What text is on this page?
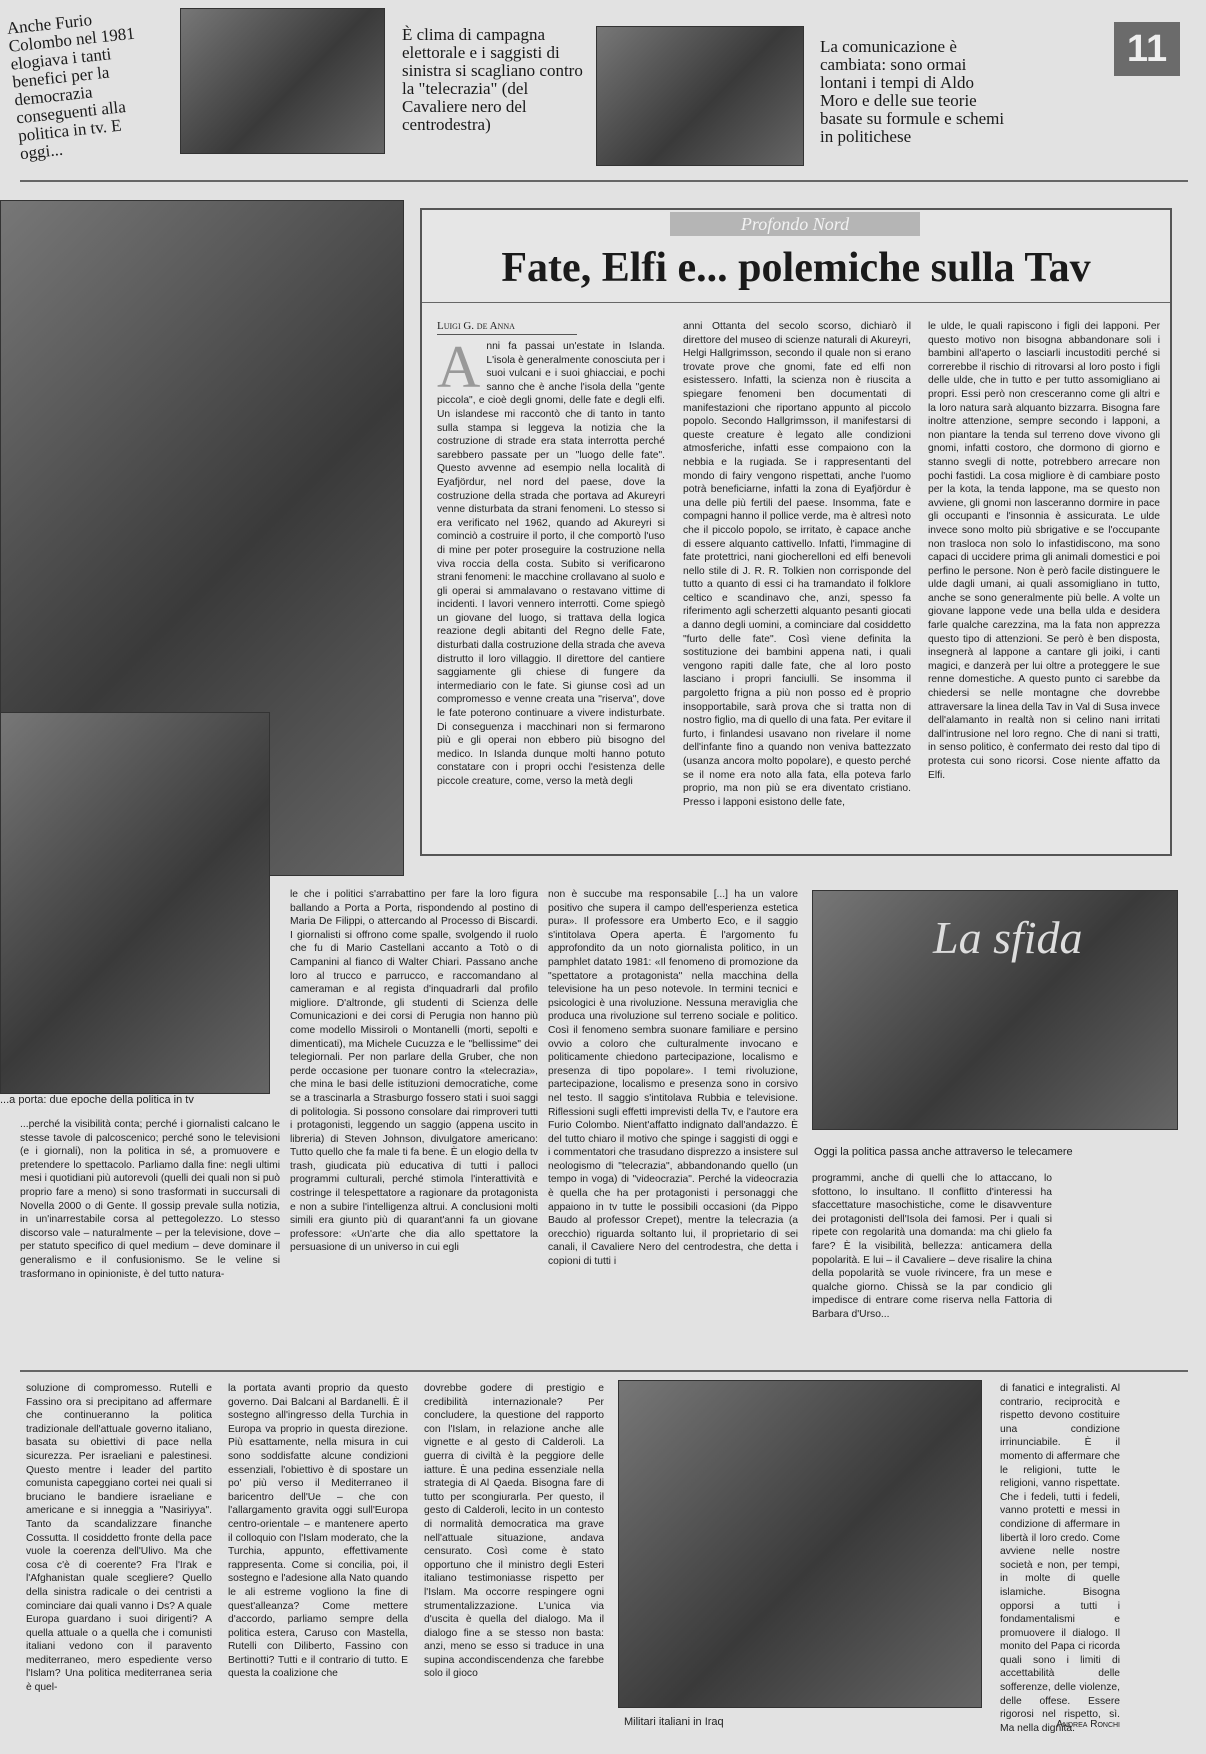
Anche Furio Colombo nel 1981 elogiava i tanti benefici per la democrazia conseguenti alla politica in tv. E oggi...
È clima di campagna elettorale e i saggisti di sinistra si scagliano contro la "telecrazia" (del Cavaliere nero del centrodestra)
La comunicazione è cambiata: sono ormai lontani i tempi di Aldo Moro e delle sue teorie basate su formule e schemi in politichese
11
...a porta: due epoche della politica in tv
Profondo Nord
Fate, Elfi e... polemiche sulla Tav
Luigi G. de Anna
A nni fa passai un'estate in Islanda. L'isola è generalmente conosciuta per i suoi vulcani e i suoi ghiacciai, e pochi sanno che è anche l'isola della "gente piccola", e cioè degli gnomi, delle fate e degli elfi. Un islandese mi raccontò che di tanto in tanto sulla stampa si leggeva la notizia che la costruzione di strade era stata interrotta perché sarebbero passate per un "luogo delle fate". Questo avvenne ad esempio nella località di Eyafjördur, nel nord del paese, dove la costruzione della strada che portava ad Akureyri venne disturbata da strani fenomeni. Lo stesso si era verificato nel 1962, quando ad Akureyri si cominciò a costruire il porto, il che comportò l'uso di mine per poter proseguire la costruzione nella viva roccia della costa. Subito si verificarono strani fenomeni: le macchine crollavano al suolo e gli operai si ammalavano o restavano vittime di incidenti. I lavori vennero interrotti. Come spiegò un giovane del luogo, si trattava della logica reazione degli abitanti del Regno delle Fate, disturbati dalla costruzione della strada che aveva distrutto il loro villaggio. Il direttore del cantiere saggiamente gli chiese di fungere da intermediario con le fate. Si giunse così ad un compromesso e venne creata una "riserva", dove le fate poterono continuare a vivere indisturbate. Di conseguenza i macchinari non si fermarono più e gli operai non ebbero più bisogno del medico. In Islanda dunque molti hanno potuto constatare con i propri occhi l'esistenza delle piccole creature, come, verso la metà degli
anni Ottanta del secolo scorso, dichiarò il direttore del museo di scienze naturali di Akureyri, Helgi Hallgrimsson, secondo il quale non si erano trovate prove che gnomi, fate ed elfi non esistessero. Infatti, la scienza non è riuscita a spiegare fenomeni ben documentati di manifestazioni che riportano appunto al piccolo popolo. Secondo Hallgrimsson, il manifestarsi di queste creature è legato alle condizioni atmosferiche, infatti esse compaiono con la nebbia e la rugiada. Se i rappresentanti del mondo di fairy vengono rispettati, anche l'uomo potrà beneficiarne, infatti la zona di Eyafjördur è una delle più fertili del paese. Insomma, fate e compagni hanno il pollice verde, ma è altresì noto che il piccolo popolo, se irritato, è capace anche di essere alquanto cattivello. Infatti, l'immagine di fate protettrici, nani giocherelloni ed elfi benevoli nello stile di J. R. R. Tolkien non corrisponde del tutto a quanto di essi ci ha tramandato il folklore celtico e scandinavo che, anzi, spesso fa riferimento agli scherzetti alquanto pesanti giocati a danno degli uomini, a cominciare dal cosiddetto "furto delle fate". Così viene definita la sostituzione dei bambini appena nati, i quali vengono rapiti dalle fate, che al loro posto lasciano i propri fanciulli. Se insomma il pargoletto frigna a più non posso ed è proprio insopportabile, sarà prova che si tratta non di nostro figlio, ma di quello di una fata. Per evitare il furto, i finlandesi usavano non rivelare il nome dell'infante fino a quando non veniva battezzato (usanza ancora molto popolare), e questo perché se il nome era noto alla fata, ella poteva farlo proprio, ma non più se era diventato cristiano. Presso i lapponi esistono delle fate,
le ulde, le quali rapiscono i figli dei lapponi. Per questo motivo non bisogna abbandonare soli i bambini all'aperto o lasciarli incustoditi perché si correrebbe il rischio di ritrovarsi al loro posto i figli delle ulde, che in tutto e per tutto assomigliano ai propri. Essi però non cresceranno come gli altri e la loro natura sarà alquanto bizzarra. Bisogna fare inoltre attenzione, sempre secondo i lapponi, a non piantare la tenda sul terreno dove vivono gli gnomi, infatti costoro, che dormono di giorno e stanno svegli di notte, potrebbero arrecare non pochi fastidi. La cosa migliore è di cambiare posto per la kota, la tenda lappone, ma se questo non avviene, gli gnomi non lasceranno dormire in pace gli occupanti e l'insonnia è assicurata. Le ulde invece sono molto più sbrigative e se l'occupante non trasloca non solo lo infastidiscono, ma sono capaci di uccidere prima gli animali domestici e poi perfino le persone. Non è però facile distinguere le ulde dagli umani, ai quali assomigliano in tutto, anche se sono generalmente più belle. A volte un giovane lappone vede una bella ulda e desidera farle qualche carezzina, ma la fata non apprezza questo tipo di attenzioni. Se però è ben disposta, insegnerà al lappone a cantare gli joiki, i canti magici, e danzerà per lui oltre a proteggere le sue renne domestiche. A questo punto ci sarebbe da chiedersi se nelle montagne che dovrebbe attraversare la linea della Tav in Val di Susa invece dell'alamanto in realtà non si celino nani irritati dall'intrusione nel loro regno. Che di nani si tratti, in senso politico, è confermato dei resto dal tipo di protesta cui sono ricorsi. Cose niente affatto da Elfi.
La sfida
Oggi la politica passa anche attraverso le telecamere
...perché la visibilità conta; perché i giornalisti calcano le stesse tavole di palcoscenico; perché sono le televisioni (e i giornali), non la politica in sé, a promuovere e pretendere lo spettacolo. Parliamo dalla fine: negli ultimi mesi i quotidiani più autorevoli (quelli dei quali non si può proprio fare a meno) si sono trasformati in succursali di Novella 2000 o di Gente. Il gossip prevale sulla notizia, in un'inarrestabile corsa al pettegolezzo. Lo stesso discorso vale – naturalmente – per la televisione, dove – per statuto specifico di quel medium – deve dominare il generalismo e il confusionismo. Se le veline si trasformano in opinioniste, è del tutto natura-
le che i politici s'arrabattino per fare la loro figura ballando a Porta a Porta, rispondendo al postino di Maria De Filippi, o attercando al Processo di Biscardi. I giornalisti si offrono come spalle, svolgendo il ruolo che fu di Mario Castellani accanto a Totò o di Campanini al fianco di Walter Chiari. Passano anche loro al trucco e parrucco, e raccomandano al cameraman e al regista d'inquadrarli dal profilo migliore. D'altronde, gli studenti di Scienza delle Comunicazioni e dei corsi di Perugia non hanno più come modello Missiroli o Montanelli (morti, sepolti e dimenticati), ma Michele Cucuzza e le "bellissime" dei telegiornali. Per non parlare della Gruber, che non perde occasione per tuonare contro la «telecrazia», che mina le basi delle istituzioni democratiche, come se a trascinarla a Strasburgo fossero stati i suoi saggi di politologia. Si possono consolare dai rimproveri tutti i protagonisti, leggendo un saggio (appena uscito in libreria) di Steven Johnson, divulgatore americano: Tutto quello che fa male ti fa bene. È un elogio della tv trash, giudicata più educativa di tutti i palloci programmi culturali, perché stimola l'interattività e costringe il telespettatore a ragionare da protagonista e non a subire l'intelligenza altrui. A conclusioni molti simili era giunto più di quarant'anni fa un giovane professore: «Un'arte che dia allo spettatore la persuasione di un universo in cui egli
non è succube ma responsabile [...] ha un valore positivo che supera il campo dell'esperienza estetica pura». Il professore era Umberto Eco, e il saggio s'intitolava Opera aperta. È l'argomento fu approfondito da un noto giornalista politico, in un pamphlet datato 1981: «Il fenomeno di promozione da "spettatore a protagonista" nella macchina della televisione ha un peso notevole. In termini tecnici e psicologici è una rivoluzione. Nessuna meraviglia che produca una rivoluzione sul terreno sociale e politico. Così il fenomeno sembra suonare familiare e persino ovvio a coloro che culturalmente invocano e politicamente chiedono partecipazione, localismo e presenza di tipo popolare». I temi rivoluzione, partecipazione, localismo e presenza sono in corsivo nel testo. Il saggio s'intitolava Rubbia e televisione. Riflessioni sugli effetti imprevisti della Tv, e l'autore era Furio Colombo. Nient'affatto indignato dall'andazzo. È del tutto chiaro il motivo che spinge i saggisti di oggi e i commentatori che trasudano disprezzo a insistere sul neologismo di "telecrazia", abbandonando quello (un tempo in voga) di "videocrazia". Perché la videocrazia è quella che ha per protagonisti i personaggi che appaiono in tv tutte le possibili occasioni (da Pippo Baudo al professor Crepet), mentre la telecrazia (a orecchio) riguarda soltanto lui, il proprietario di sei canali, il Cavaliere Nero del centrodestra, che detta i copioni di tutti i
programmi, anche di quelli che lo attaccano, lo sfottono, lo insultano. Il conflitto d'interessi ha sfaccettature masochistiche, come le disavventure dei protagonisti dell'Isola dei famosi. Per i quali si ripete con regolarità una domanda: ma chi glielo fa fare? È la visibilità, bellezza: anticamera della popolarità. E lui – il Cavaliere – deve risalire la china della popolarità se vuole rivincere, fra un mese e qualche giorno. Chissà se la par condicio gli impedisce di entrare come riserva nella Fattoria di Barbara d'Urso...
soluzione di compromesso. Rutelli e Fassino ora si precipitano ad affermare che continueranno la politica tradizionale dell'attuale governo italiano, basata su obiettivi di pace nella sicurezza. Per israeliani e palestinesi. Questo mentre i leader del partito comunista capeggiano cortei nei quali si bruciano le bandiere israeliane e americane e si inneggia a "Nasiriyya". Tanto da scandalizzare finanche Cossutta. Il cosiddetto fronte della pace vuole la coerenza dell'Ulivo. Ma che cosa c'è di coerente? Fra l'Irak e l'Afghanistan quale scegliere? Quello della sinistra radicale o dei centristi a cominciare dai quali vanno i Ds? A quale Europa guardano i suoi dirigenti? A quella attuale o a quella che i comunisti italiani vedono con il paravento mediterraneo, mero espediente verso l'Islam? Una politica mediterranea seria è quel-
la portata avanti proprio da questo governo. Dai Balcani al Bardanelli. È il sostegno all'ingresso della Turchia in Europa va proprio in questa direzione. Più esattamente, nella misura in cui sono soddisfatte alcune condizioni essenziali, l'obiettivo è di spostare un po' più verso il Mediterraneo il baricentro dell'Ue – che con l'allargamento gravita oggi sull'Europa centro-orientale – e mantenere aperto il colloquio con l'Islam moderato, che la Turchia, appunto, effettivamente rappresenta. Come si concilia, poi, il sostegno e l'adesione alla Nato quando le ali estreme vogliono la fine di quest'alleanza? Come mettere d'accordo, parliamo sempre della politica estera, Caruso con Mastella, Rutelli con Diliberto, Fassino con Bertinotti? Tutti e il contrario di tutto. E questa la coalizione che
dovrebbe godere di prestigio e credibilità internazionale? Per concludere, la questione del rapporto con l'Islam, in relazione anche alle vignette e al gesto di Calderoli. La guerra di civiltà è la peggiore delle iatture. È una pedina essenziale nella strategia di Al Qaeda. Bisogna fare di tutto per scongiurarla. Per questo, il gesto di Calderoli, lecito in un contesto di normalità democratica ma grave nell'attuale situazione, andava censurato. Così come è stato opportuno che il ministro degli Esteri italiano testimoniasse rispetto per l'Islam. Ma occorre respingere ogni strumentalizzazione. L'unica via d'uscita è quella del dialogo. Ma il dialogo fine a se stesso non basta: anzi, meno se esso si traduce in una supina accondiscendenza che farebbe solo il gioco
Militari italiani in Iraq
di fanatici e integralisti. Al contrario, reciprocità e rispetto devono costituire una condizione irrinunciabile. È il momento di affermare che le religioni, tutte le religioni, vanno rispettate. Che i fedeli, tutti i fedeli, vanno protetti e messi in condizione di affermare in libertà il loro credo. Come avviene nelle nostre società e non, per tempi, in molte di quelle islamiche. Bisogna opporsi a tutti i fondamentalismi e promuovere il dialogo. Il monito del Papa ci ricorda quali sono i limiti di accettabilità delle sofferenze, delle violenze, delle offese. Essere rigorosi nel rispetto, sì. Ma nella dignità.
Andrea Ronchi
